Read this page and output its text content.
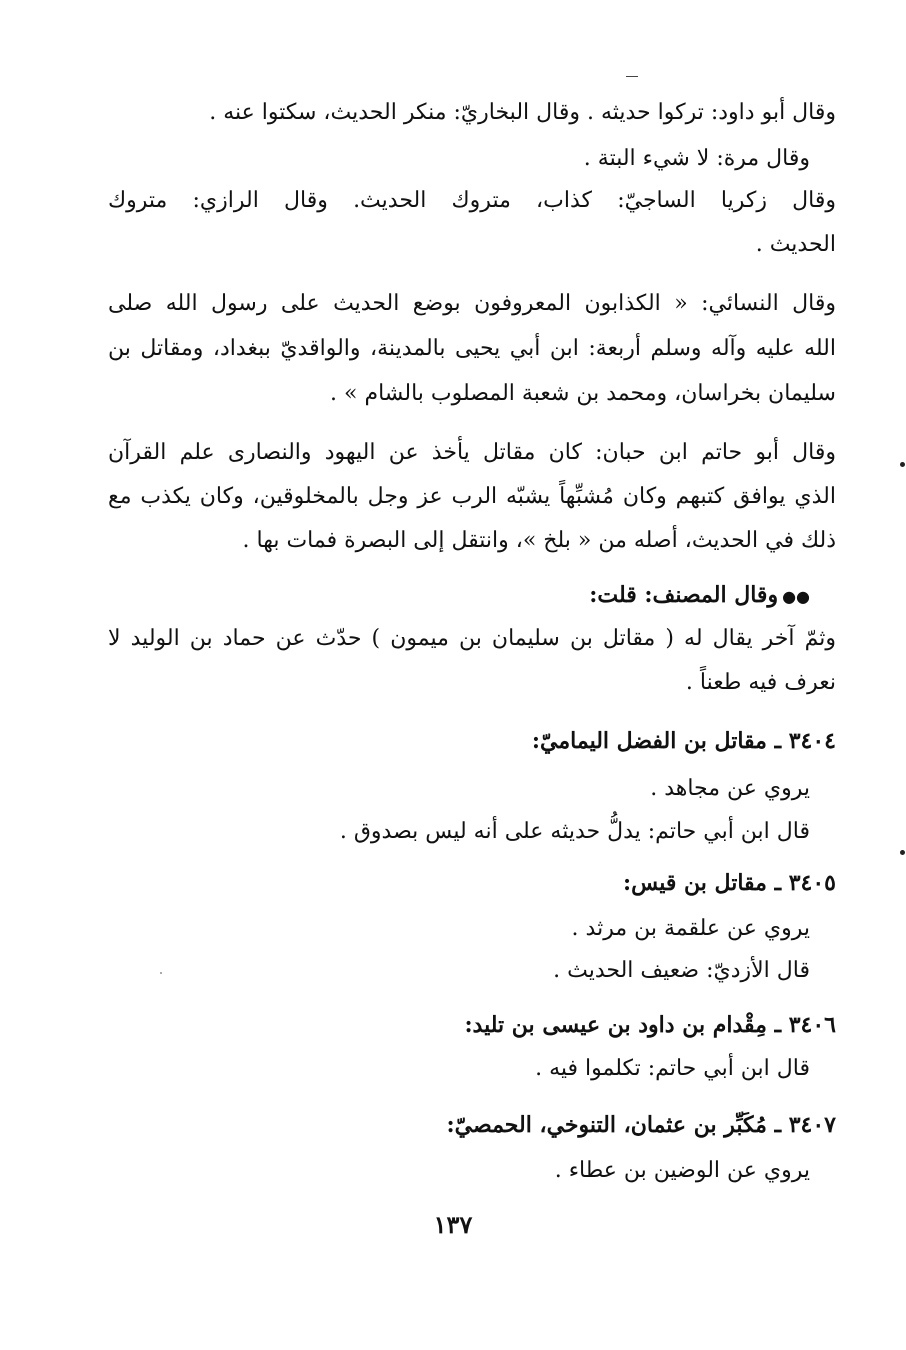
وقال أبو داود: تركوا حديثه . وقال البخاريّ: منكر الحديث، سكتوا عنه .

وقال مرة: لا شيء البتة .

وقال زكريا الساجيّ: كذاب، متروك الحديث. وقال الرازي: متروك

الحديث .

وقال النسائي: « الكذابون المعروفون بوضع الحديث على رسول الله صلى

الله عليه وآله وسلم أربعة: ابن أبي يحيى بالمدينة، والواقديّ ببغداد، ومقاتل بن

سليمان بخراسان، ومحمد بن شعبة المصلوب بالشام » .

وقال أبو حاتم ابن حبان: كان مقاتل يأخذ عن اليهود والنصارى علم القرآن

الذي يوافق كتبهم وكان مُشبِّهاً يشبّه الرب عز وجل بالمخلوقين، وكان يكذب مع

ذلك في الحديث، أصله من « بلخ »، وانتقل إلى البصرة فمات بها .

●●وقال المصنف: قلت:

وثمّ آخر يقال له ( مقاتل بن سليمان بن ميمون ) حدّث عن حماد بن الوليد لا

نعرف فيه طعناً .

٣٤٠٤ ـ مقاتل بن الفضل اليماميّ:

يروي عن مجاهد .

قال ابن أبي حاتم: يدلُّ حديثه على أنه ليس بصدوق .

٣٤٠٥ ـ مقاتل بن قيس:

يروي عن علقمة بن مرثد .

قال الأزديّ: ضعيف الحديث .

٣٤٠٦ ـ مِقْدام بن داود بن عيسى بن تليد:

قال ابن أبي حاتم: تكلموا فيه .

٣٤٠٧ ـ مُكَبِّر بن عثمان، التنوخي، الحمصيّ:

يروي عن الوضين بن عطاء .

١٣٧
